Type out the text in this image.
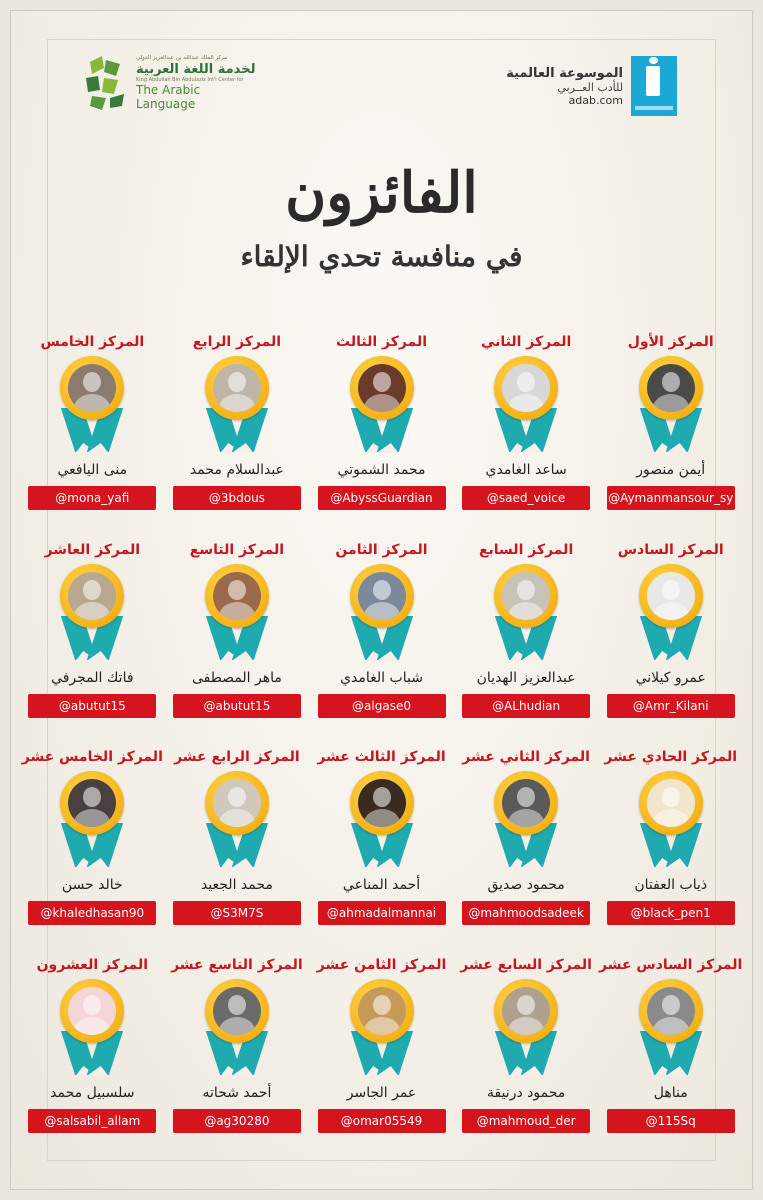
مركز الملك عبدالله بن عبدالعزيز الدولي
لخدمة اللغة العربية
King Abdullah Bin Abdulaziz Int'l Center for
The Arabic Language
الموسوعة العالمية
للأدب العــربي
adab.com
الفائزون
في منافسة تحدي الإلقاء
المركز الأول
أيمن منصور
@Aymanmansour_sy
المركز الثاني
ساعد الغامدي
@saed_voice
المركز الثالث
محمد الشموتي
@AbyssGuardian
المركز الرابع
عبدالسلام محمد
@3bdous
المركز الخامس
منى اليافعي
@mona_yafi
المركز السادس
عمرو كيلاني
@Amr_Kilani
المركز السابع
عبدالعزيز الهديان
@ALhudian
المركز الثامن
شباب الغامدي
@algase0
المركز التاسع
ماهر المصطفى
@abutut15
المركز العاشر
فاتك المجرفي
@abutut15
المركز الحادي عشر
ذياب العفتان
@black_pen1
المركز الثاني عشر
محمود صديق
@mahmoodsadeek
المركز الثالث عشر
أحمد المناعي
@ahmadalmannai
المركز الرابع عشر
محمد الجعيد
@S3M7S
المركز الخامس عشر
خالد حسن
@khaledhasan90
المركز السادس عشر
مناهل
@115Sq
المركز السابع عشر
محمود درنيقة
@mahmoud_der
المركز الثامن عشر
عمر الجاسر
@omar05549
المركز التاسع عشر
أحمد شحاته
@ag30280
المركز العشرون
سلسبيل محمد
@salsabil_allam
